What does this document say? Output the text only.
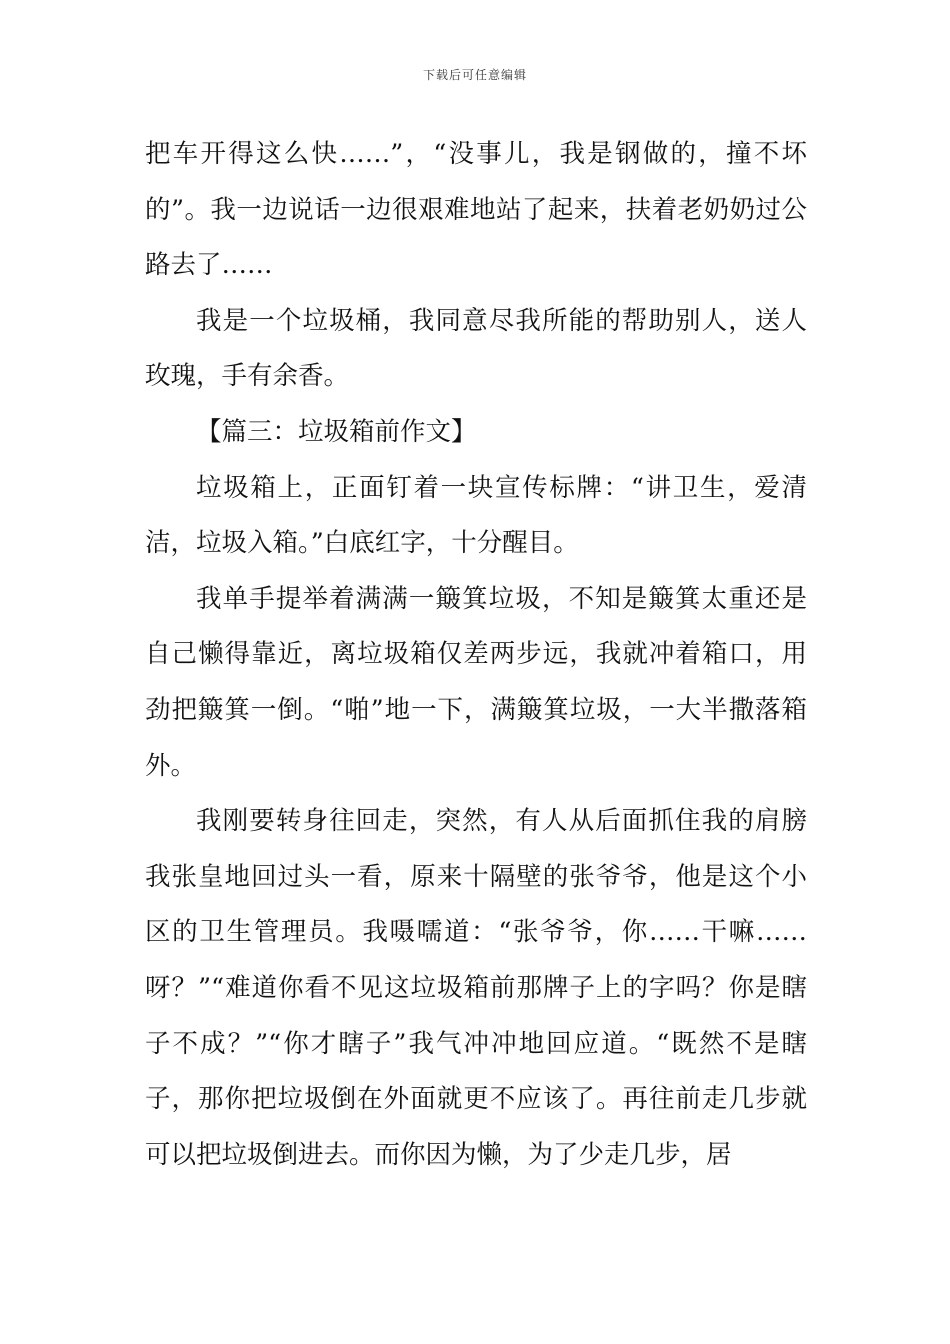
下载后可任意编辑

把车开得这么快……”，“没事儿，我是钢做的，撞不坏的”。我一边说话一边很艰难地站了起来，扶着老奶奶过公路去了……

我是一个垃圾桶，我同意尽我所能的帮助别人，送人玫瑰，手有余香。

【篇三：垃圾箱前作文】

垃圾箱上，正面钉着一块宣传标牌：“讲卫生，爱清洁，垃圾入箱。”白底红字，十分醒目。

我单手提举着满满一簸箕垃圾，不知是簸箕太重还是自己懒得靠近，离垃圾箱仅差两步远，我就冲着箱口，用劲把簸箕一倒。“啪”地一下，满簸箕垃圾，一大半撒落箱外。

我刚要转身往回走，突然，有人从后面抓住我的肩膀我张皇地回过头一看，原来十隔壁的张爷爷，他是这个小区的卫生管理员。我嗫嚅道：“张爷爷，你……干嘛……呀？”“难道你看不见这垃圾箱前那牌子上的字吗？你是瞎子不成？”“你才瞎子”我气冲冲地回应道。“既然不是瞎子，那你把垃圾倒在外面就更不应该了。再往前走几步就可以把垃圾倒进去。而你因为懒，为了少走几步，居
